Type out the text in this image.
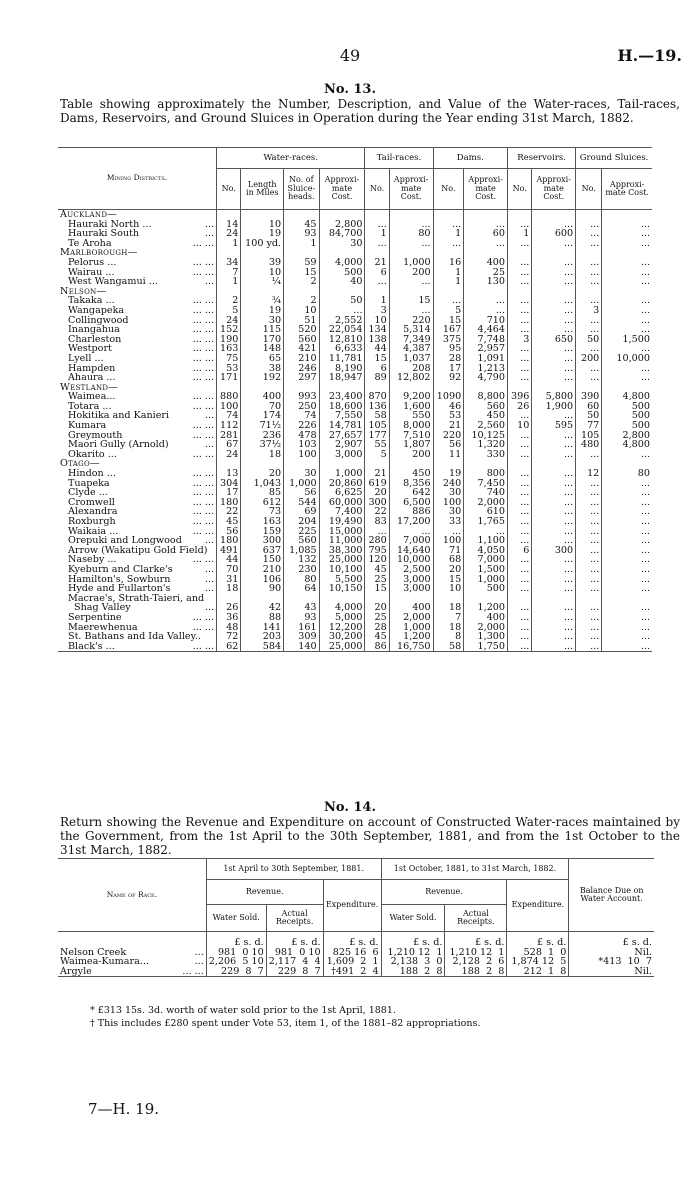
49	H.—19.
No. 13.
Table showing approximately the Number, Description, and Value of the Water-races, Tail-races, Dams, Reservoirs, and Ground Sluices in Operation during the Year ending 31st March, 1882.
Mining Districts.	Water-races.				Tail-races.		Dams.		Reservoirs.		Ground Sluices.	
	No.	Length in Miles	No. of Sluice-heads.	Approxi-mate Cost.	No.	Approxi-mate Cost.	No.	Approxi-mate Cost.	No.	Approxi-mate Cost.	No.	Approxi-mate Cost.
Auckland—												
Hauraki North ... ...	14	10	45	2,800	...	...	...	...	...	...	...	...
Hauraki South ...	24	19	93	84,700	1	80	1	60	1	600	...	...
Te Aroha ... ...	1	100 yd.	1	30	...	...	...	...	...	...	...	...
Marlborough—												
Pelorus ... ... ...	34	39	59	4,000	21	1,000	16	400	...	...	...	...
Wairau ... ... ...	7	10	15	500	6	200	1	25	...	...	...	...
West Wangamui ... ...	1	¼	2	40	...	...	1	130	...	...	...	...
Nelson—												
Takaka ... ... ...	2	¾	2	50	1	15	...	...	...	...	...	...
Wangapeka ... ...	5	19	10	...	3	...	5	...	...	...	3	...
Collingwood ... ...	24	30	51	2,552	10	220	15	710	...	...	...	...
Inangahua ... ...	152	115	520	22,054	134	5,314	167	4,464	...	...	...	...
Charleston ... ...	190	170	560	12,810	138	7,349	375	7,748	3	650	50	1,500
Westport ... ...	163	148	421	6,633	44	4,387	95	2,957	...	...	...	...
Lyell ... ... ...	75	65	210	11,781	15	1,037	28	1,091	...	...	200	10,000
Hampden ... ...	53	38	246	8,190	6	208	17	1,213	...	...	...	...
Ahaura ... ... ...	171	192	297	18,947	89	12,802	92	4,790	...	...	...	...
Westland—												
Waimea... ... ...	880	400	993	23,400	870	9,200	1090	8,800	396	5,800	390	4,800
Totara ... ... ...	100	70	250	18,600	136	1,600	46	560	26	1,900	60	500
Hokitika and Kanieri ...	74	174	74	7,550	58	550	53	450	...	...	50	500
Kumara ... ...	112	71½	226	14,781	105	8,000	21	2,560	10	595	77	500
Greymouth ... ...	281	236	478	27,657	177	7,510	220	10,125	...	...	105	2,800
Maori Gully (Arnold) ...	67	37½	103	2,907	55	1,807	56	1,320	...	...	480	4,800
Okarito ... ... ...	24	18	100	3,000	5	200	11	330	...	...	...	...
Otago—												
Hindon ... ... ...	13	20	30	1,000	21	450	19	800	...	...	12	80
Tuapeka ... ...	304	1,043	1,000	20,860	619	8,356	240	7,450	...	...	...	...
Clyde ... ... ...	17	85	56	6,625	20	642	30	740	...	...	...	...
Cromwell ... ...	180	612	544	60,000	300	6,500	100	2,000	...	...	...	...
Alexandra ... ...	22	73	69	7,400	22	886	30	610	...	...	...	...
Roxburgh ... ...	45	163	204	19,490	83	17,200	33	1,765	...	...	...	...
Waikaia ... ... ...	56	159	225	15,000	...	...	...	...	...	...	...	...
Orepuki and Longwood ...	180	300	560	11,000	280	7,000	100	1,100	...	...	...	...
Arrow (Wakatipu Gold Field)	491	637	1,085	38,300	795	14,640	71	4,050	6	300	...	...
Naseby ... ... ...	44	150	132	25,000	120	10,000	68	7,000	...	...	...	...
Kyeburn and Clarke's ...	70	210	230	10,100	45	2,500	20	1,500	...	...	...	...
Hamilton's, Sowburn ...	31	106	80	5,500	25	3,000	15	1,000	...	...	...	...
Hyde and Fullarton's ...	18	90	64	10,150	15	3,000	10	500	...	...	...	...
Macrae's, Strath-Taieri, and												
Shag Valley ...	26	42	43	4,000	20	400	18	1,200	...	...	...	...
Serpentine ... ...	36	88	93	5,000	25	2,000	7	400	...	...	...	...
Maerewhenua ... ...	48	141	161	12,200	28	1,000	18	2,000	...	...	...	...
St. Bathans and Ida Valley..	72	203	309	30,200	45	1,200	8	1,300	...	...	...	...
Black's ... ... ...	62	584	140	25,000	86	16,750	58	1,750	...	...	...	...
No. 14.
Return showing the Revenue and Expenditure on account of Constructed Water-races maintained by the Government, from the 1st April to the 30th September, 1881, and from the 1st October to the 31st March, 1882.
Name of Race.	1st April to 30th September, 1881.			1st October, 1881, to 31st March, 1882.			Balance Due on Water Account.
	Revenue.		Expenditure.	Revenue.		Expenditure.	
	Water Sold.	Actual Receipts.		Water Sold.	Actual Receipts.		
	£ s. d.	£ s. d.	£ s. d.	£ s. d.	£ s. d.	£ s. d.	£ s. d.
Nelson Creek ...	981  0 10	981  0 10	825 16  6	1,210 12  1	1,210 12  1	528  1  0	Nil.
Waimea-Kumara... ...	2,206  5 10	2,117  4  4	1,609  2  1	2,138  3  0	2,128  2  6	1,874 12  5	*413  10  7
Argyle ... ...	229  8  7	229  8  7	†491  2  4	188  2  8	188  2  8	212  1  8	Nil.
* £313 15s. 3d. worth of water sold prior to the 1st April, 1881.
† This includes £280 spent under Vote 53, item 1, of the 1881–82 appropriations.
7—H. 19.
